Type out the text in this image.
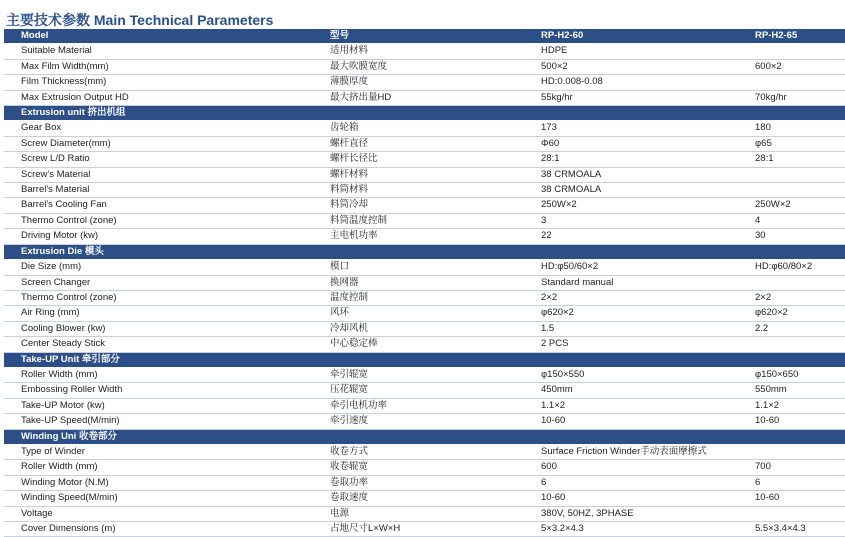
主要技术参数 Main Technical Parameters
Model	型号	RP-H2-60	RP-H2-65
Suitable Material	适用材料	HDPE	
Max Film Width(mm)	最大吹膜宽度	500×2	600×2
Film Thickness(mm)	薄膜厚度	HD:0.008-0.08	
Max Extrusion Output HD	最大挤出量HD	55kg/hr	70kg/hr
Extrusion unit 挤出机组			
Gear Box	齿轮箱	173	180
Screw Diameter(mm)	螺杆直径	Φ60	φ65
Screw L/D Ratio	螺杆长径比	28:1	28:1
Screw's Material	螺杆材料	38 CRMOALA	
Barrel's Material	料筒材料	38 CRMOALA	
Barrel's Cooling Fan	料筒冷却	250W×2	250W×2
Thermo Control (zone)	料筒温度控制	3	4
Driving Motor (kw)	主电机功率	22	30
Extrusion Die 模头			
Die Size (mm)	模口	HD:φ50/60×2	HD:φ60/80×2
Screen Changer	换网器	Standard manual	
Thermo Control (zone)	温度控制	2×2	2×2
Air Ring (mm)	风环	φ620×2	φ620×2
Cooling Blower (kw)	冷却风机	1.5	2.2
Center Steady Stick	中心稳定棒	2 PCS	
Take-UP Unit 牵引部分			
Roller Width (mm)	牵引辊宽	φ150×550	φ150×650
Embossing Roller Width	压花辊宽	450mm	550mm
Take-UP Motor (kw)	牵引电机功率	1.1×2	1.1×2
Take-UP Speed(M/min)	牵引速度	10-60	10-60
Winding Uni 收卷部分			
Type of Winder	收卷方式	Surface Friction Winder手动表面摩擦式	
Roller Width (mm)	收卷辊宽	600	700
Winding Motor (N.M)	卷取功率	6	6
Winding Speed(M/min)	卷取速度	10-60	10-60
Voltage	电源	380V, 50HZ, 3PHASE	
Cover Dimensions (m)	占地尺寸L×W×H	5×3.2×4.3	5.5×3.4×4.3
